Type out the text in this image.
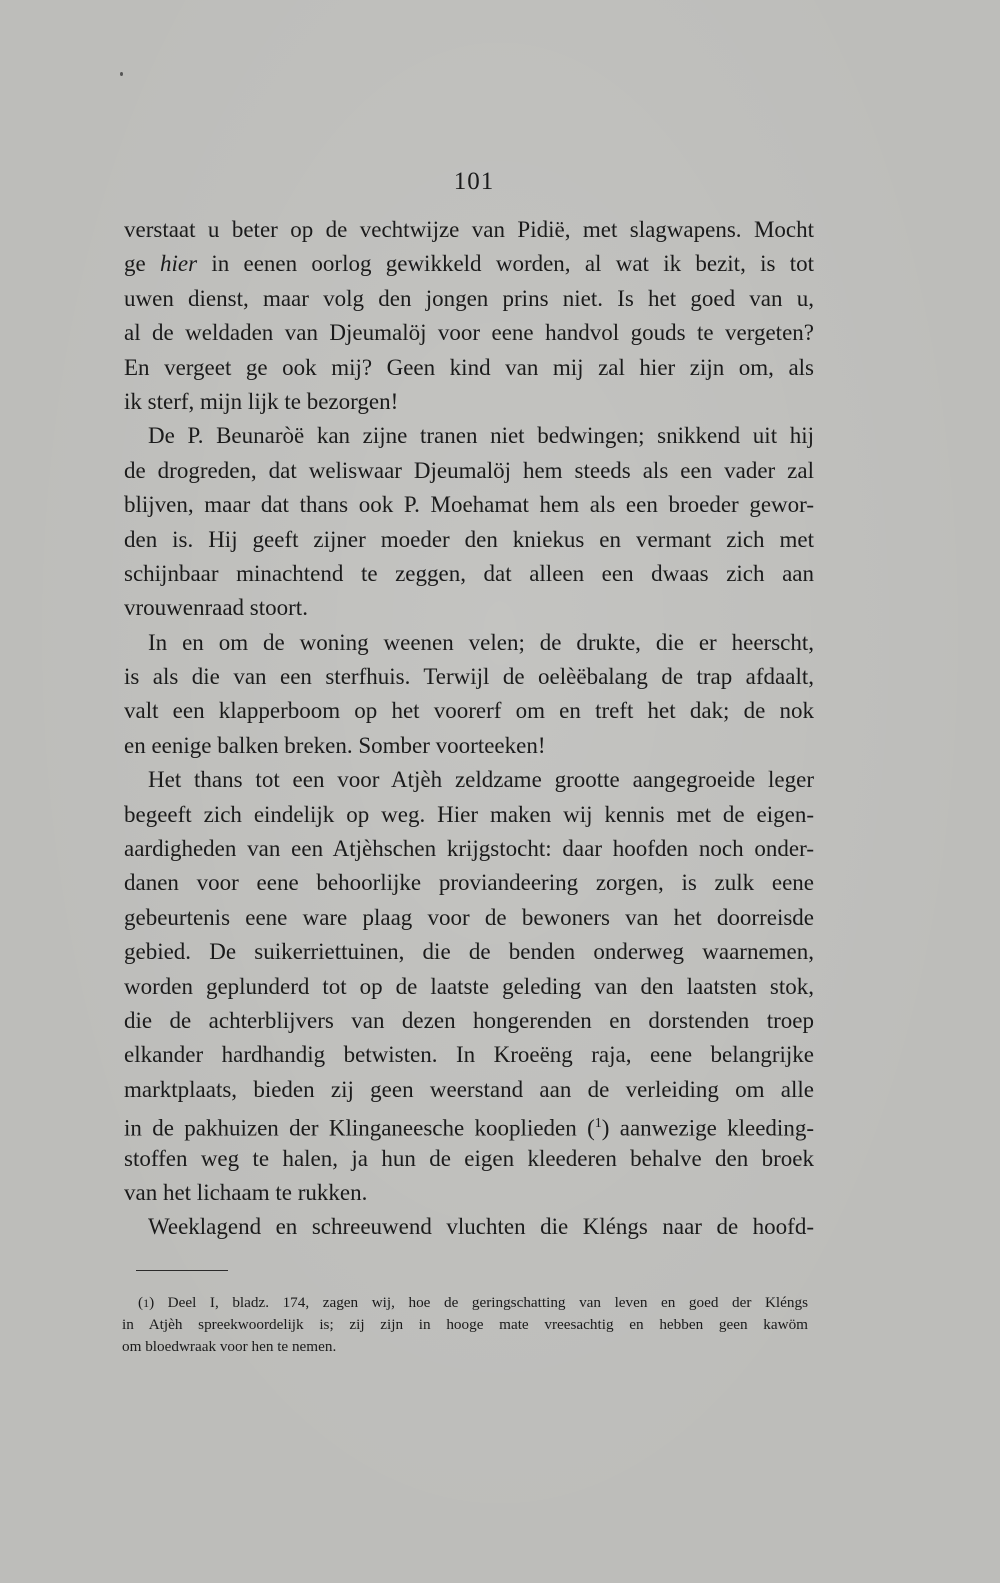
101
verstaat u beter op de vechtwijze van Pidië, met slagwapens. Mocht
ge hier in eenen oorlog gewikkeld worden, al wat ik bezit, is tot
uwen dienst, maar volg den jongen prins niet. Is het goed van u,
al de weldaden van Djeumalöj voor eene handvol gouds te vergeten?
En vergeet ge ook mij? Geen kind van mij zal hier zijn om, als
ik sterf, mijn lijk te bezorgen!
De P. Beunaròë kan zijne tranen niet bedwingen; snikkend uit hij
de drogreden, dat weliswaar Djeumalöj hem steeds als een vader zal
blijven, maar dat thans ook P. Moehamat hem als een broeder gewor-
den is. Hij geeft zijner moeder den kniekus en vermant zich met
schijnbaar minachtend te zeggen, dat alleen een dwaas zich aan
vrouwenraad stoort.
In en om de woning weenen velen; de drukte, die er heerscht,
is als die van een sterfhuis. Terwijl de oelèëbalang de trap afdaalt,
valt een klapperboom op het voorerf om en treft het dak; de nok
en eenige balken breken. Somber voorteeken!
Het thans tot een voor Atjèh zeldzame grootte aangegroeide leger
begeeft zich eindelijk op weg. Hier maken wij kennis met de eigen-
aardigheden van een Atjèhschen krijgstocht: daar hoofden noch onder-
danen voor eene behoorlijke proviandeering zorgen, is zulk eene
gebeurtenis eene ware plaag voor de bewoners van het doorreisde
gebied. De suikerriettuinen, die de benden onderweg waarnemen,
worden geplunderd tot op de laatste geleding van den laatsten stok,
die de achterblijvers van dezen hongerenden en dorstenden troep
elkander hardhandig betwisten. In Kroeëng raja, eene belangrijke
marktplaats, bieden zij geen weerstand aan de verleiding om alle
in de pakhuizen der Klinganeesche kooplieden ($^1$) aanwezige kleeding-
stoffen weg te halen, ja hun de eigen kleederen behalve den broek
van het lichaam te rukken.
Weeklagend en schreeuwend vluchten die Kléngs naar de hoofd-
($^1$) Deel I, bladz. 174, zagen wij, hoe de geringschatting van leven en goed der Kléngs
in Atjèh spreekwoordelijk is; zij zijn in hooge mate vreesachtig en hebben geen kawöm
om bloedwraak voor hen te nemen.
